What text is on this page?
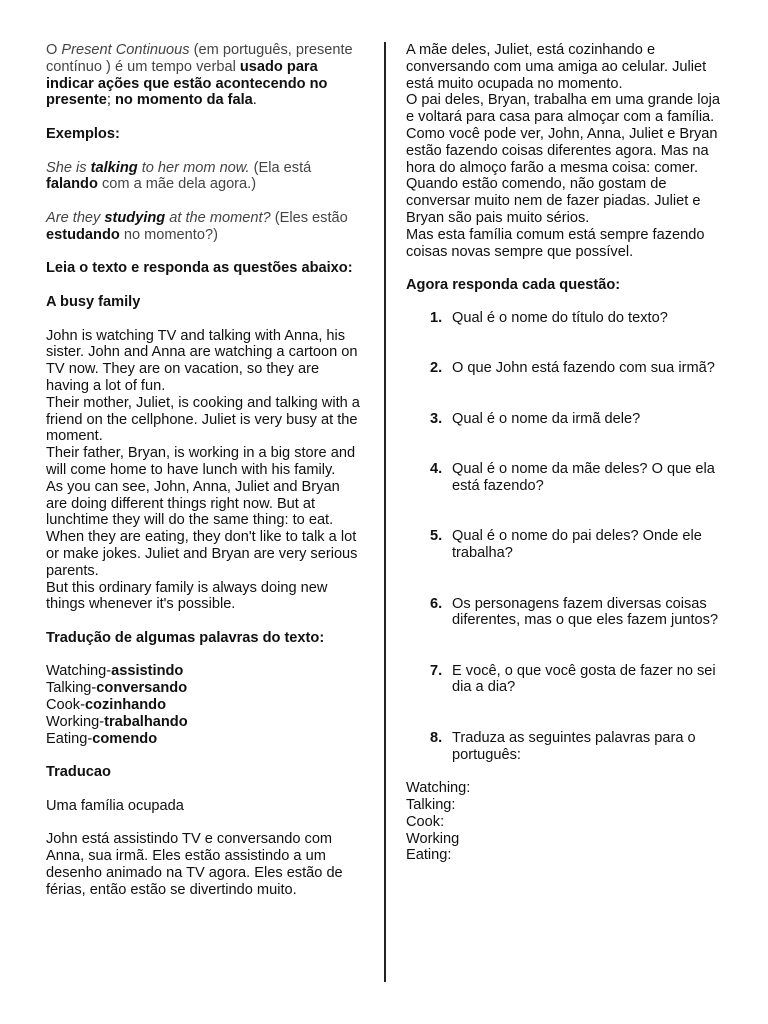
O Present Continuous (em português, presente contínuo ) é um tempo verbal usado para indicar ações que estão acontecendo no presente; no momento da fala.

Exemplos:

She is talking to her mom now. (Ela está falando com a mãe dela agora.)

Are they studying at the moment? (Eles estão estudando no momento?)

Leia o texto e responda as questões abaixo:

A busy family

John is watching TV and talking with Anna, his sister. John and Anna are watching a cartoon on TV now. They are on vacation, so they are having a lot of fun.

Their mother, Juliet, is cooking and talking with a friend on the cellphone. Juliet is very busy at the moment.

Their father, Bryan, is working in a big store and will come home to have lunch with his family.

As you can see, John, Anna, Juliet and Bryan are doing different things right now. But at lunchtime they will do the same thing: to eat. When they are eating, they don't like to talk a lot or make jokes. Juliet and Bryan are very serious parents.

But this ordinary family is always doing new things whenever it's possible.

Tradução de algumas palavras do texto:

Watching-assistindo

Talking-conversando

Cook-cozinhando

Working-trabalhando

Eating-comendo

Traducao

Uma família ocupada

John está assistindo TV e conversando com Anna, sua irmã. Eles estão assistindo a um desenho animado na TV agora. Eles estão de férias, então estão se divertindo muito.

A mãe deles, Juliet, está cozinhando e conversando com uma amiga ao celular. Juliet está muito ocupada no momento.

O pai deles, Bryan, trabalha em uma grande loja e voltará para casa para almoçar com a família.

Como você pode ver, John, Anna, Juliet e Bryan estão fazendo coisas diferentes agora. Mas na hora do almoço farão a mesma coisa: comer.

Quando estão comendo, não gostam de conversar muito nem de fazer piadas. Juliet e Bryan são pais muito sérios.

Mas esta família comum está sempre fazendo coisas novas sempre que possível.

Agora responda cada questão:

1. Qual é o nome do título do texto?
2. O que John está fazendo com sua irmã?
3. Qual é o nome da irmã dele?
4. Qual é o nome da mãe deles? O que ela está fazendo?
5. Qual é o nome do pai deles? Onde ele trabalha?
6. Os personagens fazem diversas coisas diferentes, mas o que eles fazem juntos?
7. E você, o que você gosta de fazer no sei dia a dia?
8. Traduza as seguintes palavras para o português:

Watching:

Talking:

Cook:

Working

Eating:
